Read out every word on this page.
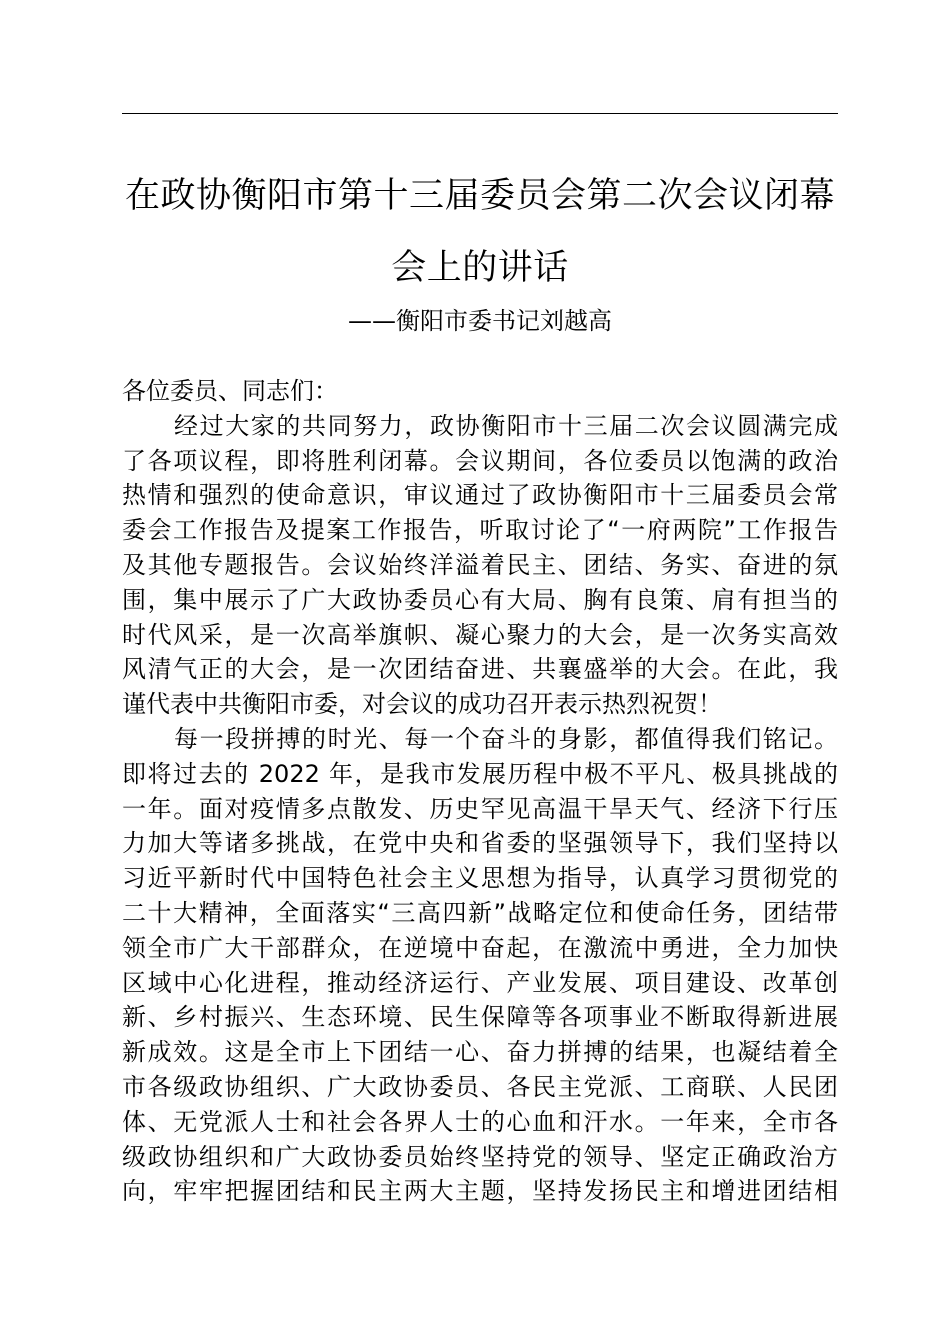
在政协衡阳市第十三届委员会第二次会议闭幕
会上的讲话
——衡阳市委书记刘越高

各位委员、同志们：

经过大家的共同努力，政协衡阳市十三届二次会议圆满完成

了各项议程，即将胜利闭幕。会议期间，各位委员以饱满的政治

热情和强烈的使命意识，审议通过了政协衡阳市十三届委员会常

委会工作报告及提案工作报告，听取讨论了“一府两院”工作报告

及其他专题报告。会议始终洋溢着民主、团结、务实、奋进的氛

围，集中展示了广大政协委员心有大局、胸有良策、肩有担当的

时代风采，是一次高举旗帜、凝心聚力的大会，是一次务实高效

风清气正的大会，是一次团结奋进、共襄盛举的大会。在此，我

谨代表中共衡阳市委，对会议的成功召开表示热烈祝贺！

每一段拼搏的时光、每一个奋斗的身影，都值得我们铭记。

即将过去的 2022 年，是我市发展历程中极不平凡、极具挑战的

一年。面对疫情多点散发、历史罕见高温干旱天气、经济下行压

力加大等诸多挑战，在党中央和省委的坚强领导下，我们坚持以

习近平新时代中国特色社会主义思想为指导，认真学习贯彻党的

二十大精神，全面落实“三高四新”战略定位和使命任务，团结带

领全市广大干部群众，在逆境中奋起，在激流中勇进，全力加快

区域中心化进程，推动经济运行、产业发展、项目建设、改革创

新、乡村振兴、生态环境、民生保障等各项事业不断取得新进展

新成效。这是全市上下团结一心、奋力拼搏的结果，也凝结着全

市各级政协组织、广大政协委员、各民主党派、工商联、人民团

体、无党派人士和社会各界人士的心血和汗水。一年来，全市各

级政协组织和广大政协委员始终坚持党的领导、坚定正确政治方

向，牢牢把握团结和民主两大主题，坚持发扬民主和增进团结相
